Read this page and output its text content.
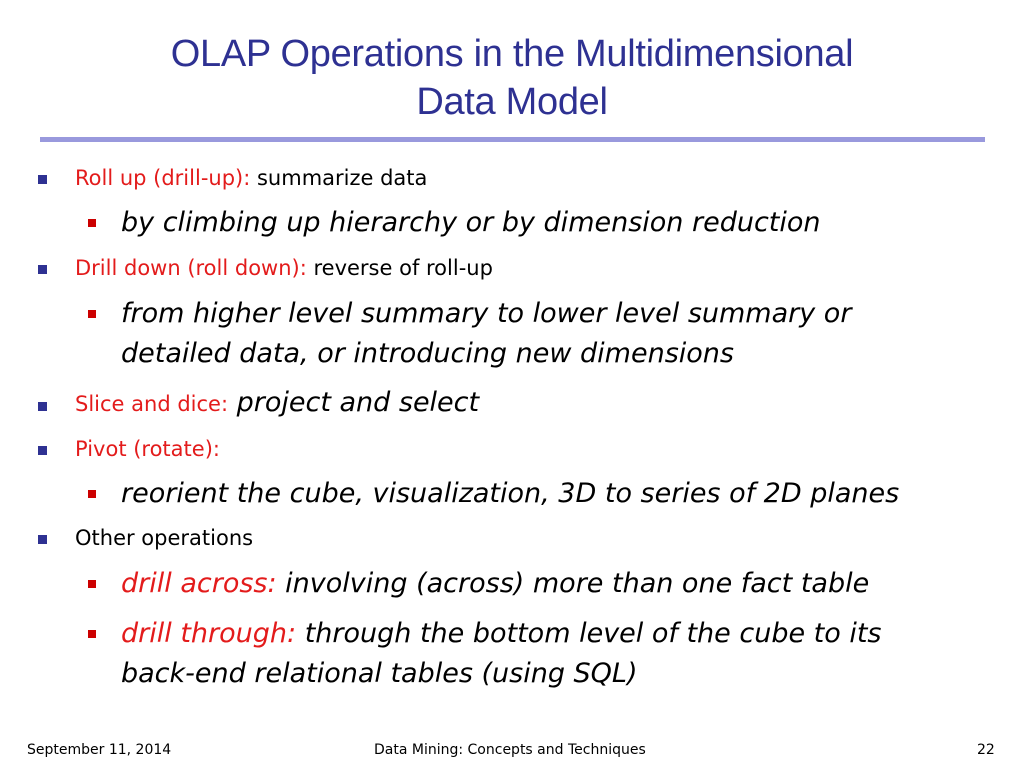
OLAP Operations in the Multidimensional
Data Model
Roll up (drill-up): summarize data
by climbing up hierarchy or by dimension reduction
Drill down (roll down): reverse of roll-up
from higher level summary to lower level summary or
detailed data, or introducing new dimensions
Slice and dice: project and select
Pivot (rotate):
reorient the cube, visualization, 3D to series of 2D planes
Other operations
drill across: involving (across) more than one fact table
drill through: through the bottom level of the cube to its
back-end relational tables (using SQL)
September 11, 2014	Data Mining: Concepts and Techniques	22
